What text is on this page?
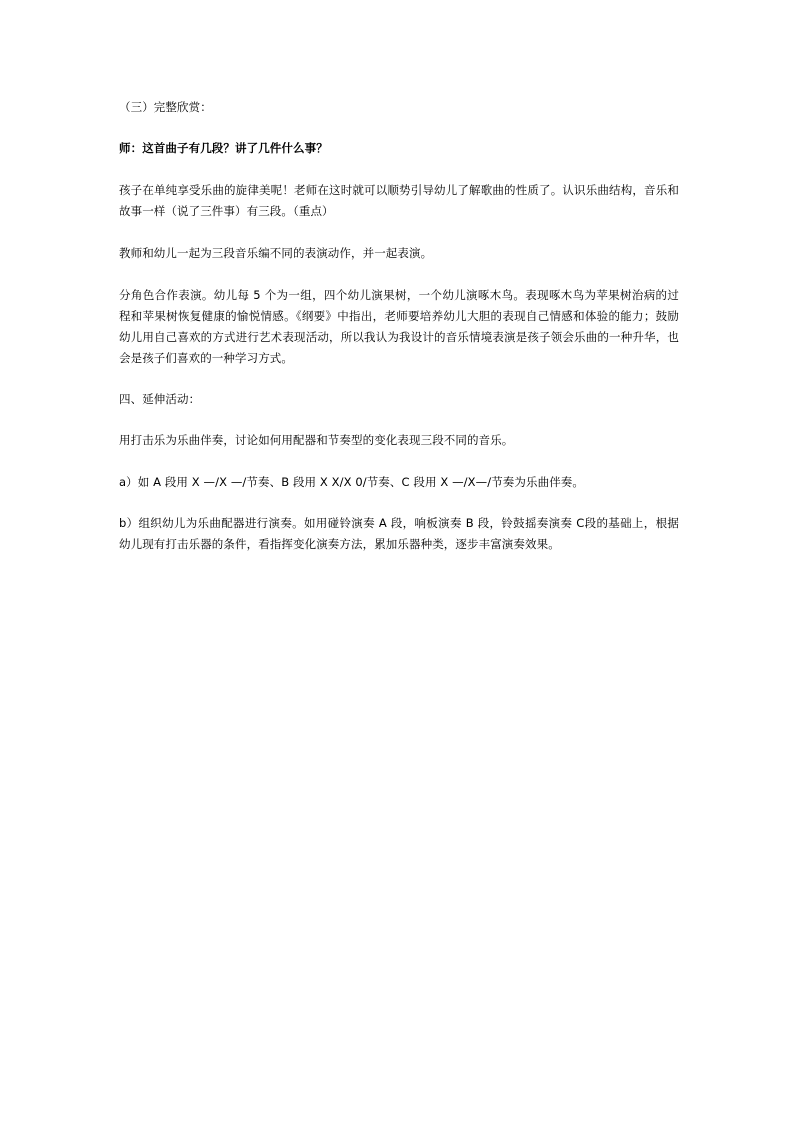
（三）完整欣赏：

师：这首曲子有几段？讲了几件什么事？

孩子在单纯享受乐曲的旋律美呢！老师在这时就可以顺势引导幼儿了解歌曲的性质了。认识乐曲结构，音乐和故事一样（说了三件事）有三段。（重点）

教师和幼儿一起为三段音乐编不同的表演动作，并一起表演。

分角色合作表演。幼儿每 5 个为一组，四个幼儿演果树，一个幼儿演啄木鸟。表现啄木鸟为苹果树治病的过程和苹果树恢复健康的愉悦情感。《纲要》中指出，老师要培养幼儿大胆的表现自己情感和体验的能力；鼓励幼儿用自己喜欢的方式进行艺术表现活动，所以我认为我设计的音乐情境表演是孩子领会乐曲的一种升华，也会是孩子们喜欢的一种学习方式。

四、延伸活动：

用打击乐为乐曲伴奏，讨论如何用配器和节奏型的变化表现三段不同的音乐。

a）如 A 段用 X —/X —/节奏、B 段用 X X/X 0/节奏、C 段用 X —/X—/节奏为乐曲伴奏。

b）组织幼儿为乐曲配器进行演奏。如用碰铃演奏 A 段，响板演奏 B 段，铃鼓摇奏演奏 C段的基础上，根据幼儿现有打击乐器的条件，看指挥变化演奏方法，累加乐器种类，逐步丰富演奏效果。
